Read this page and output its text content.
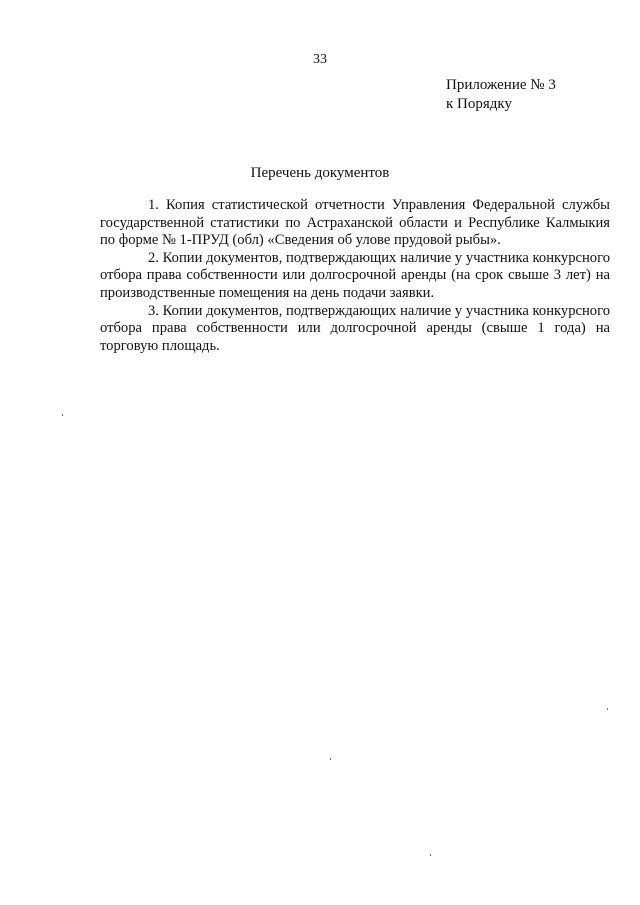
33
Приложение № 3
к Порядку
Перечень документов

1. Копия статистической отчетности Управления Федеральной службы государственной статистики по Астраханской области и Республике Калмыкия по форме № 1-ПРУД (обл) «Сведения об улове прудовой рыбы».

2. Копии документов, подтверждающих наличие у участника конкурсного отбора права собственности или долгосрочной аренды (на срок свыше 3 лет) на производственные помещения на день подачи заявки.

3. Копии документов, подтверждающих наличие у участника конкурсного отбора права собственности или долгосрочной аренды (свыше 1 года) на торговую площадь.
